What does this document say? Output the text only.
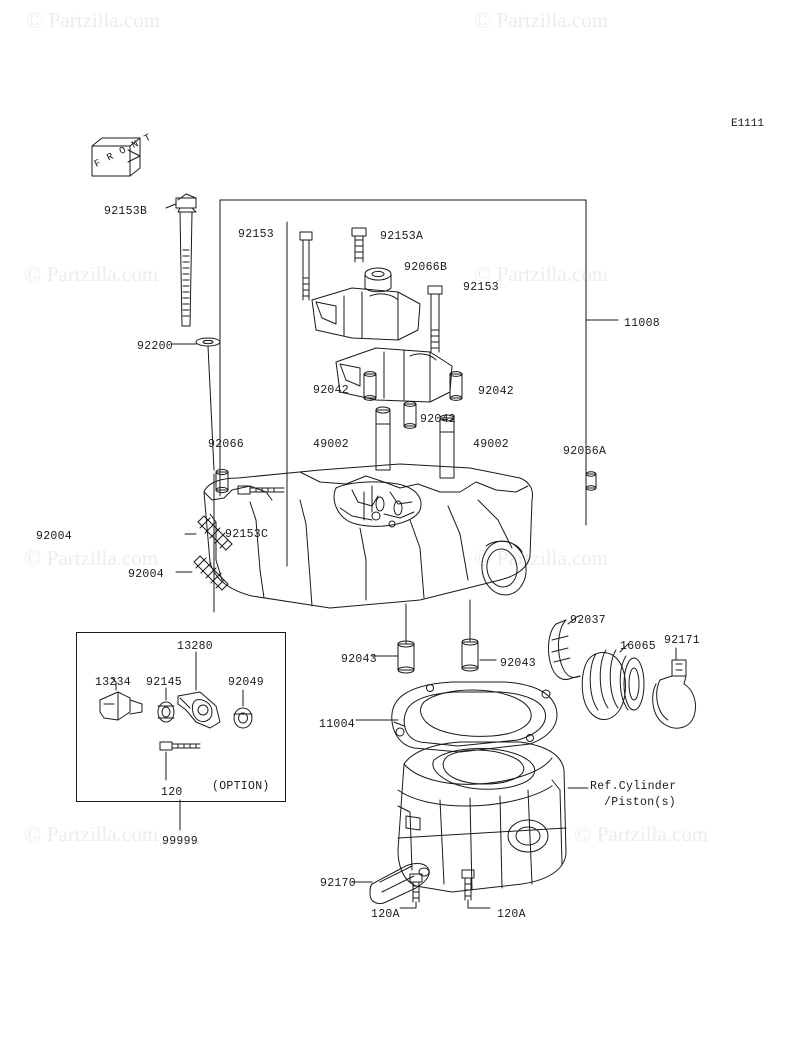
© Partzilla.com	© Partzilla.com
© Partzilla.com	© Partzilla.com
© Partzilla.com	© Partzilla.com
© Partzilla.com	© Partzilla.com
E1111
(OPTION)
F R O N T
Ref.Cylinder
/Piston(s)
92153B
92153	92153A
92066B
92153
11008
92200
92042	92042
92042
92066	49002	49002
92066A
92004	92153C
92004
92037
16065 92171
13280
92043	92043
13234 92145	92049
11004
120
99999
92170
120A	120A
